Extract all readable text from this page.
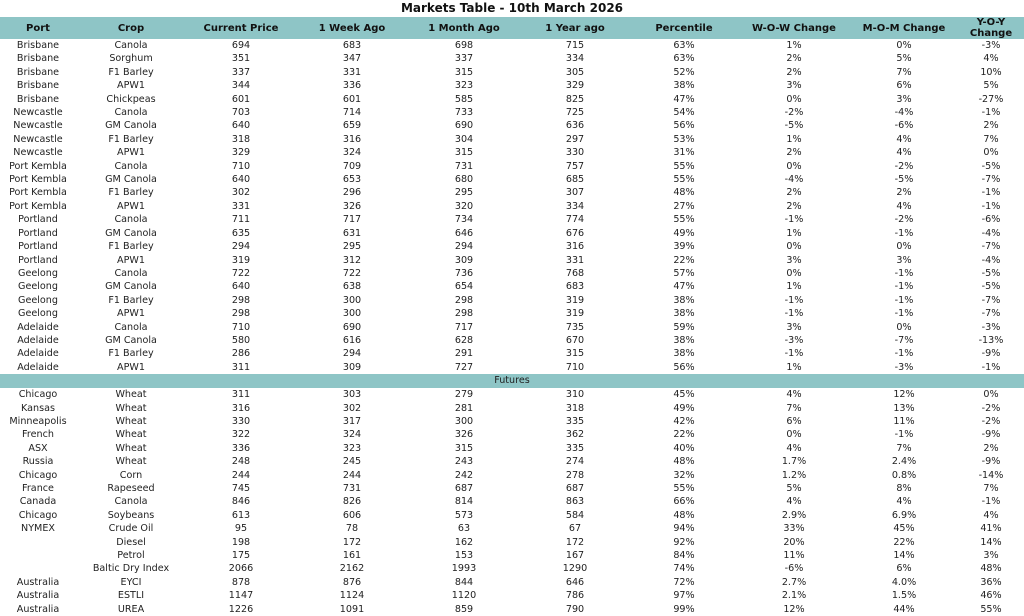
Markets Table - 10th March 2026
Port	Crop	Current Price	1 Week Ago	1 Month Ago	1 Year ago	Percentile	W-O-W Change	M-O-M Change	Y-O-Y Change
Brisbane	Canola	694	683	698	715	63%	1%	0%	-3%
Brisbane	Sorghum	351	347	337	334	63%	2%	5%	4%
Brisbane	F1 Barley	337	331	315	305	52%	2%	7%	10%
Brisbane	APW1	344	336	323	329	38%	3%	6%	5%
Brisbane	Chickpeas	601	601	585	825	47%	0%	3%	-27%
Newcastle	Canola	703	714	733	725	54%	-2%	-4%	-1%
Newcastle	GM Canola	640	659	690	636	56%	-5%	-6%	2%
Newcastle	F1 Barley	318	316	304	297	53%	1%	4%	7%
Newcastle	APW1	329	324	315	330	31%	2%	4%	0%
Port Kembla	Canola	710	709	731	757	55%	0%	-2%	-5%
Port Kembla	GM Canola	640	653	680	685	55%	-4%	-5%	-7%
Port Kembla	F1 Barley	302	296	295	307	48%	2%	2%	-1%
Port Kembla	APW1	331	326	320	334	27%	2%	4%	-1%
Portland	Canola	711	717	734	774	55%	-1%	-2%	-6%
Portland	GM Canola	635	631	646	676	49%	1%	-1%	-4%
Portland	F1 Barley	294	295	294	316	39%	0%	0%	-7%
Portland	APW1	319	312	309	331	22%	3%	3%	-4%
Geelong	Canola	722	722	736	768	57%	0%	-1%	-5%
Geelong	GM Canola	640	638	654	683	47%	1%	-1%	-5%
Geelong	F1 Barley	298	300	298	319	38%	-1%	-1%	-7%
Geelong	APW1	298	300	298	319	38%	-1%	-1%	-7%
Adelaide	Canola	710	690	717	735	59%	3%	0%	-3%
Adelaide	GM Canola	580	616	628	670	38%	-3%	-7%	-13%
Adelaide	F1 Barley	286	294	291	315	38%	-1%	-1%	-9%
Adelaide	APW1	311	309	727	710	56%	1%	-3%	-1%
Futures									
Chicago	Wheat	311	303	279	310	45%	4%	12%	0%
Kansas	Wheat	316	302	281	318	49%	7%	13%	-2%
Minneapolis	Wheat	330	317	300	335	42%	6%	11%	-2%
French	Wheat	322	324	326	362	22%	0%	-1%	-9%
ASX	Wheat	336	323	315	335	40%	4%	7%	2%
Russia	Wheat	248	245	243	274	48%	1.7%	2.4%	-9%
Chicago	Corn	244	244	242	278	32%	1.2%	0.8%	-14%
France	Rapeseed	745	731	687	687	55%	5%	8%	7%
Canada	Canola	846	826	814	863	66%	4%	4%	-1%
Chicago	Soybeans	613	606	573	584	48%	2.9%	6.9%	4%
NYMEX	Crude Oil	95	78	63	67	94%	33%	45%	41%
	Diesel	198	172	162	172	92%	20%	22%	14%
	Petrol	175	161	153	167	84%	11%	14%	3%
	Baltic Dry Index	2066	2162	1993	1290	74%	-6%	6%	48%
Australia	EYCI	878	876	844	646	72%	2.7%	4.0%	36%
Australia	ESTLI	1147	1124	1120	786	97%	2.1%	1.5%	46%
Australia	UREA	1226	1091	859	790	99%	12%	44%	55%
